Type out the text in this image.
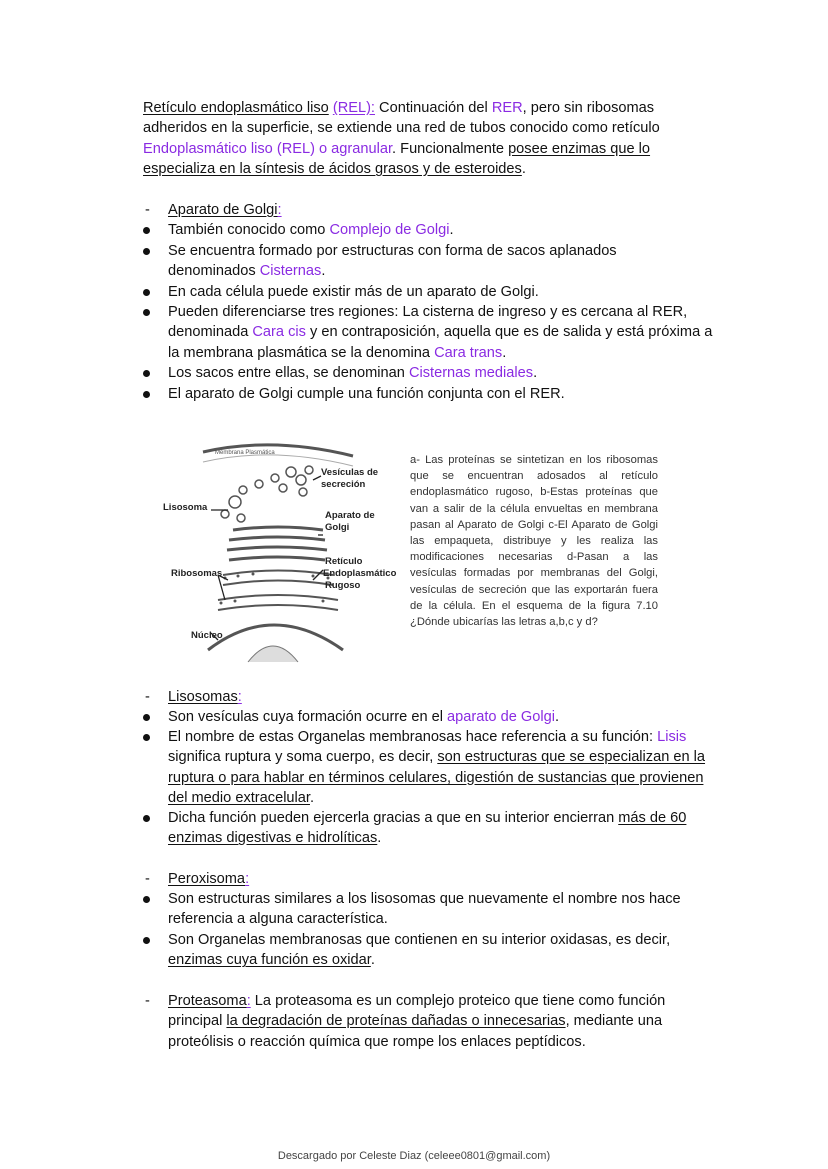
Retículo endoplasmático liso (REL): Continuación del RER, pero sin ribosomas adheridos en la superficie, se extiende una red de tubos conocido como retículo Endoplasmático liso (REL) o agranular. Funcionalmente posee enzimas que lo especializa en la síntesis de ácidos grasos y de esteroides.
-	Aparato de Golgi:
También conocido como Complejo de Golgi.
Se encuentra formado por estructuras con forma de sacos aplanados denominados Cisternas.
En cada célula puede existir más de un aparato de Golgi.
Pueden diferenciarse tres regiones: La cisterna de ingreso y es cercana al RER, denominada Cara cis y en contraposición, aquella que es de salida y está próxima a la membrana plasmática se la denomina Cara trans.
Los sacos entre ellas, se denominan Cisternas mediales.
El aparato de Golgi cumple una función conjunta con el RER.
Membrana Plasmática
Vesículas de
secreción
Lisosoma
Aparato de
Golgi
Retículo
Endoplasmático
Rugoso
Ribosomas
Núcleo
a- Las proteínas se sintetizan en los ribosomas que se encuentran adosados al retículo endoplasmático rugoso, b-Estas proteínas que van a salir de la célula envueltas en membrana pasan al Aparato de Golgi c-El Aparato de Golgi las empaqueta, distribuye y les realiza las modificaciones necesarias d-Pasan a las vesículas formadas por membranas del Golgi, vesículas de secreción que las exportarán fuera de la célula. En el esquema de la figura 7.10 ¿Dónde ubicarías las letras a,b,c y d?
-	Lisosomas:
Son vesículas cuya formación ocurre en el aparato de Golgi.
El nombre de estas Organelas membranosas hace referencia a su función: Lisis significa ruptura y soma cuerpo, es decir, son estructuras que se especializan en la ruptura o para hablar en términos celulares, digestión de sustancias que provienen del medio extracelular.
Dicha función pueden ejercerla gracias a que en su interior encierran más de 60 enzimas digestivas e hidrolíticas.
-	Peroxisoma:
Son estructuras similares a los lisosomas que nuevamente el nombre nos hace referencia a alguna característica.
Son Organelas membranosas que contienen en su interior oxidasas, es decir, enzimas cuya función es oxidar.
-	Proteasoma: La proteasoma es un complejo proteico que tiene como función principal la degradación de proteínas dañadas o innecesarias, mediante una proteólisis o reacción química que rompe los enlaces peptídicos.
Descargado por Celeste Diaz (celeee0801@gmail.com)
